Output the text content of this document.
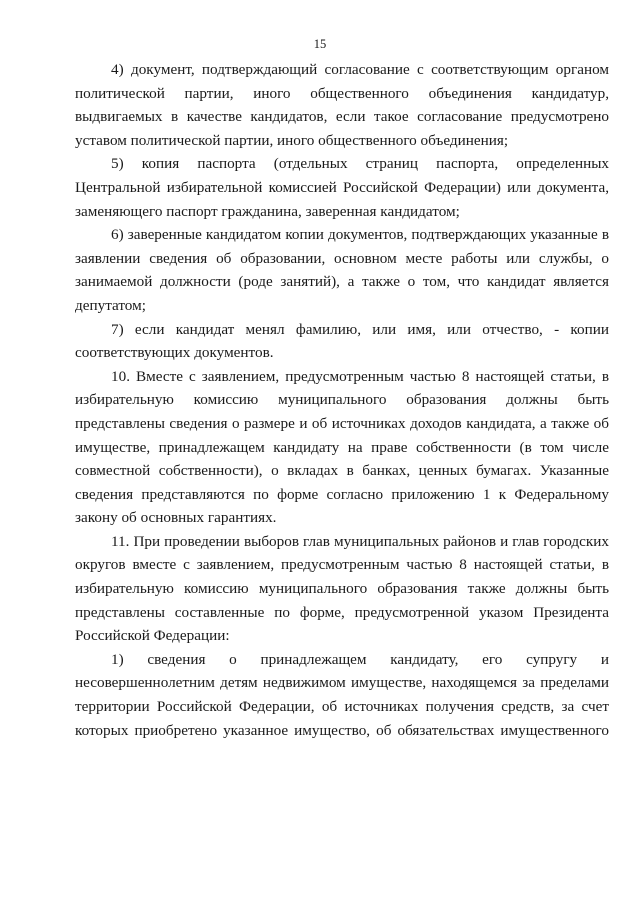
15

4) документ, подтверждающий согласование с соответствующим органом политической партии, иного общественного объединения кандидатур, выдвигаемых в качестве кандидатов, если такое согласование предусмотрено уставом политической партии, иного общественного объединения;

5) копия паспорта (отдельных страниц паспорта, определенных Центральной избирательной комиссией Российской Федерации) или документа, заменяющего паспорт гражданина, заверенная кандидатом;

6) заверенные кандидатом копии документов, подтверждающих указанные в заявлении сведения об образовании, основном месте работы или службы, о занимаемой должности (роде занятий), а также о том, что кандидат является депутатом;

7) если кандидат менял фамилию, или имя, или отчество, - копии соответствующих документов.

10. Вместе с заявлением, предусмотренным частью 8 настоящей статьи, в избирательную комиссию муниципального образования должны быть представлены сведения о размере и об источниках доходов кандидата, а также об имуществе, принадлежащем кандидату на праве собственности (в том числе совместной собственности), о вкладах в банках, ценных бумагах. Указанные сведения представляются по форме согласно приложению 1 к Федеральному закону об основных гарантиях.

11. При проведении выборов глав муниципальных районов и глав городских округов вместе с заявлением, предусмотренным частью 8 настоящей статьи, в избирательную комиссию муниципального образования также должны быть представлены составленные по форме, предусмотренной указом Президента Российской Федерации:

1) сведения о принадлежащем кандидату, его супругу и несовершеннолетним детям недвижимом имуществе, находящемся за пределами территории Российской Федерации, об источниках получения средств, за счет которых приобретено указанное имущество, об обязательствах имущественного
